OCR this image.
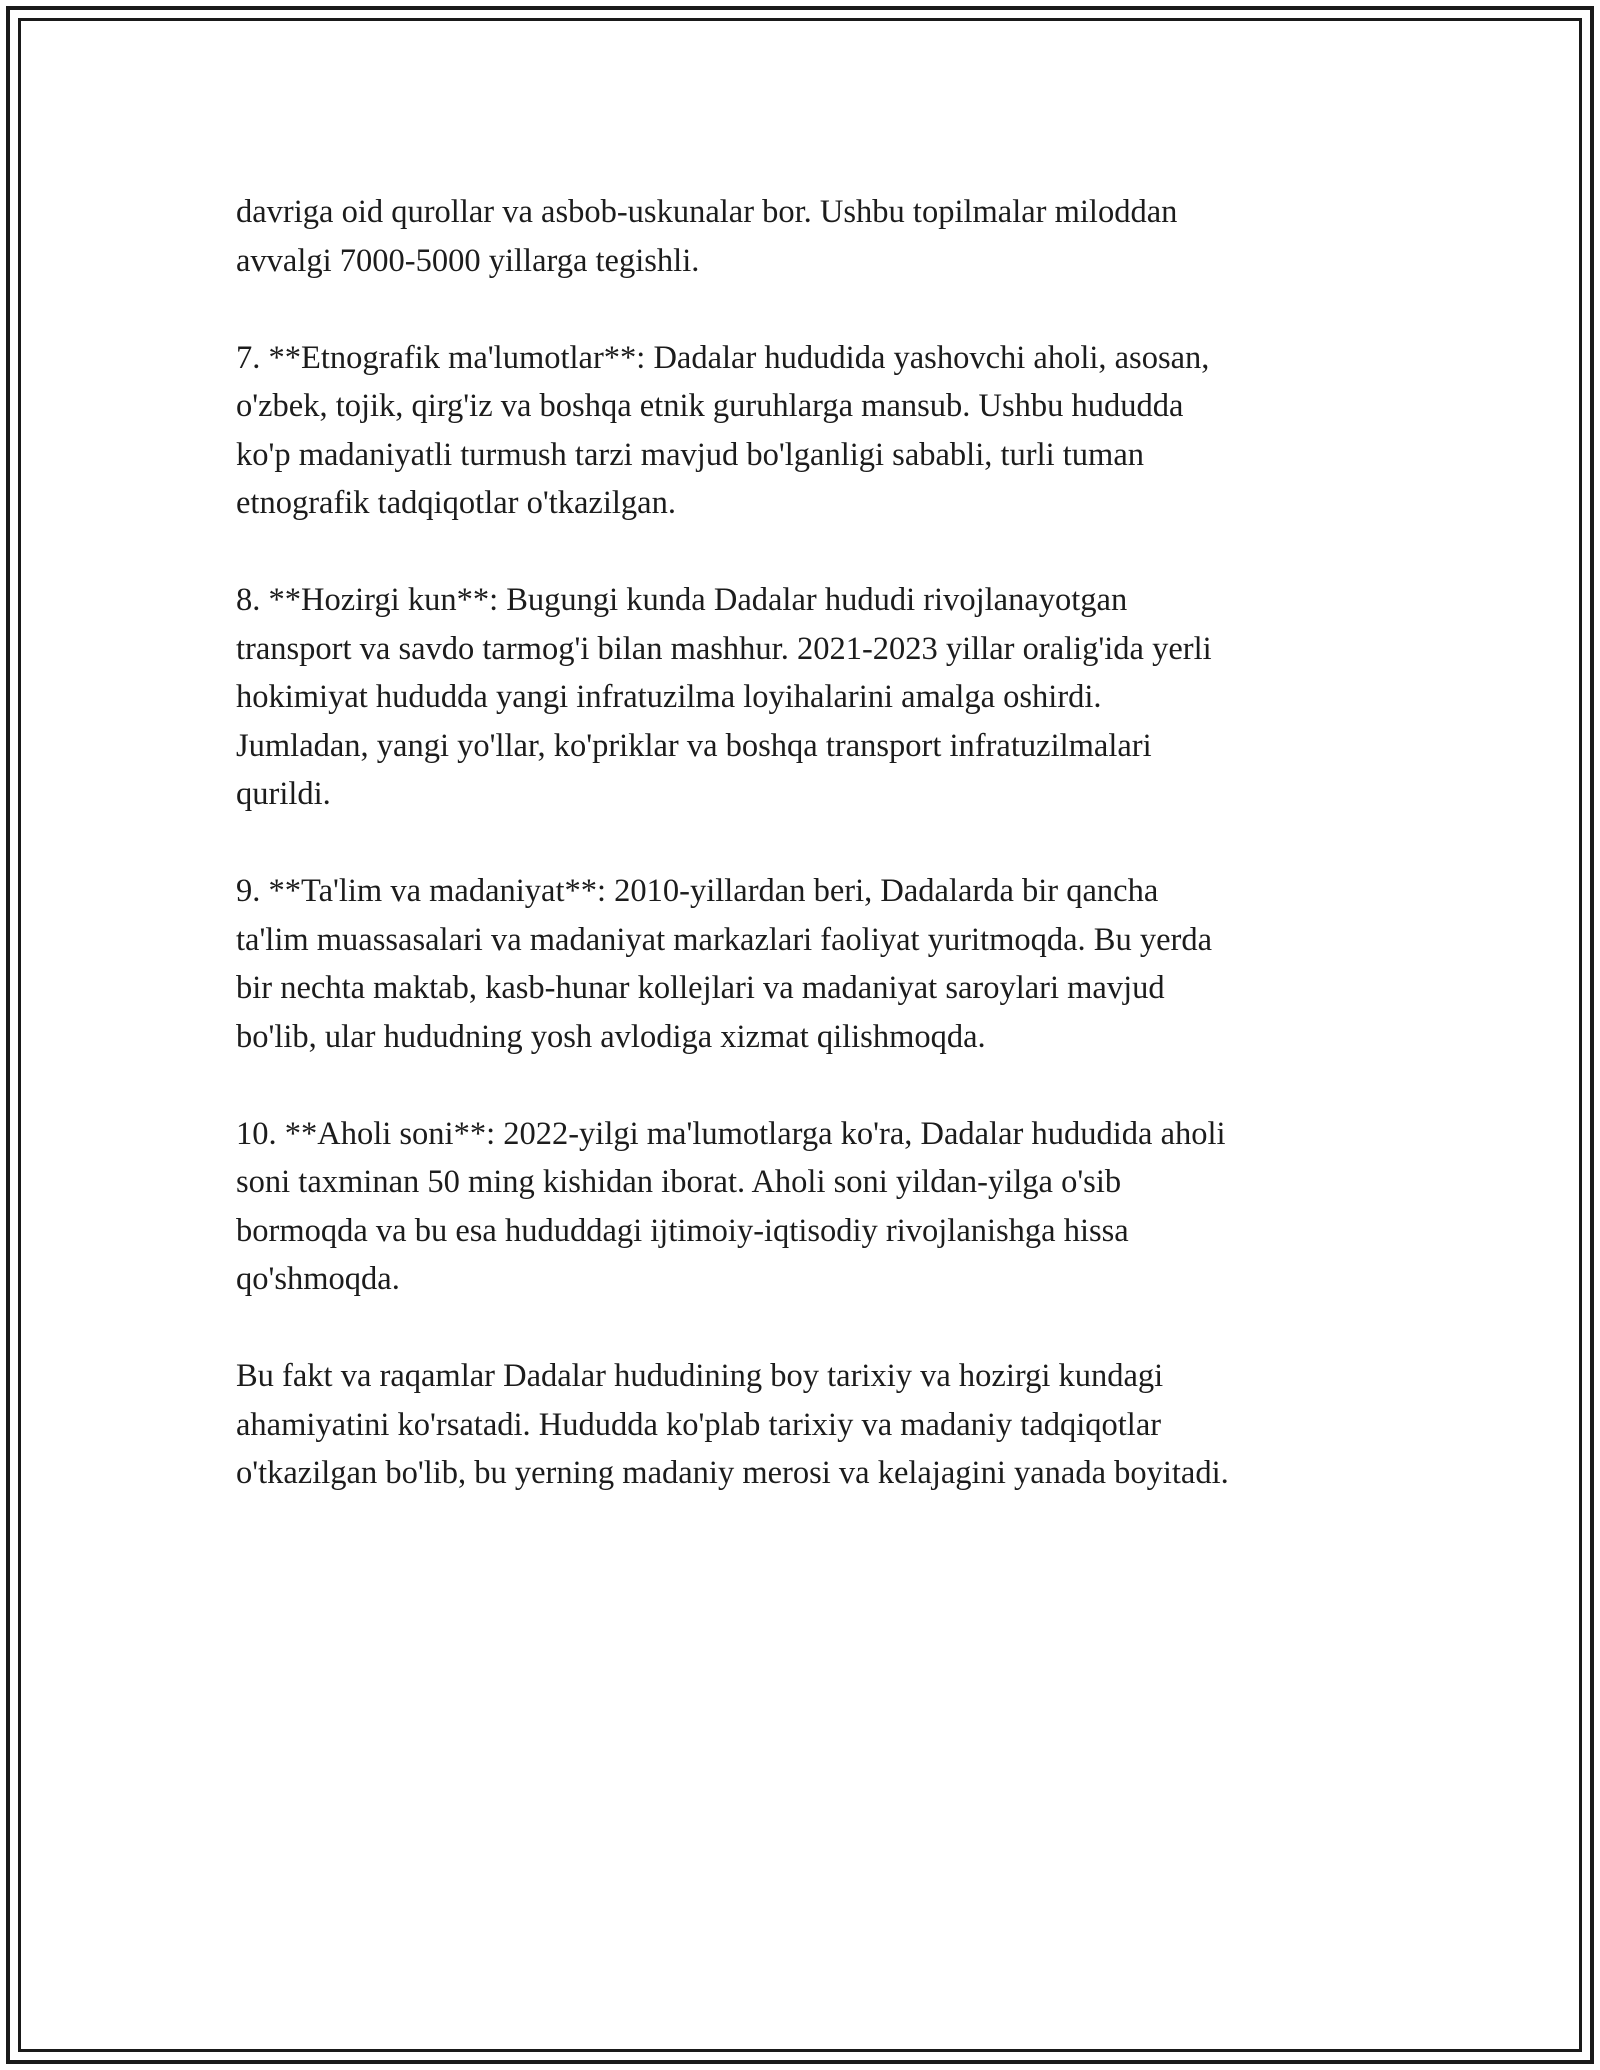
davriga oid qurollar va asbob-uskunalar bor. Ushbu topilmalar miloddan
avvalgi 7000-5000 yillarga tegishli.

7. **Etnografik ma'lumotlar**: Dadalar hududida yashovchi aholi, asosan,
o'zbek, tojik, qirg'iz va boshqa etnik guruhlarga mansub. Ushbu hududda
ko'p madaniyatli turmush tarzi mavjud bo'lganligi sababli, turli tuman
etnografik tadqiqotlar o'tkazilgan.

8. **Hozirgi kun**: Bugungi kunda Dadalar hududi rivojlanayotgan
transport va savdo tarmog'i bilan mashhur. 2021-2023 yillar oralig'ida yerli
hokimiyat hududda yangi infratuzilma loyihalarini amalga oshirdi.
Jumladan, yangi yo'llar, ko'priklar va boshqa transport infratuzilmalari
qurildi.

9. **Ta'lim va madaniyat**: 2010-yillardan beri, Dadalarda bir qancha
ta'lim muassasalari va madaniyat markazlari faoliyat yuritmoqda. Bu yerda
bir nechta maktab, kasb-hunar kollejlari va madaniyat saroylari mavjud
bo'lib, ular hududning yosh avlodiga xizmat qilishmoqda.

10. **Aholi soni**: 2022-yilgi ma'lumotlarga ko'ra, Dadalar hududida aholi
soni taxminan 50 ming kishidan iborat. Aholi soni yildan-yilga o'sib
bormoqda va bu esa hududdagi ijtimoiy-iqtisodiy rivojlanishga hissa
qo'shmoqda.

Bu fakt va raqamlar Dadalar hududining boy tarixiy va hozirgi kundagi
ahamiyatini ko'rsatadi. Hududda ko'plab tarixiy va madaniy tadqiqotlar
o'tkazilgan bo'lib, bu yerning madaniy merosi va kelajagini yanada boyitadi.
